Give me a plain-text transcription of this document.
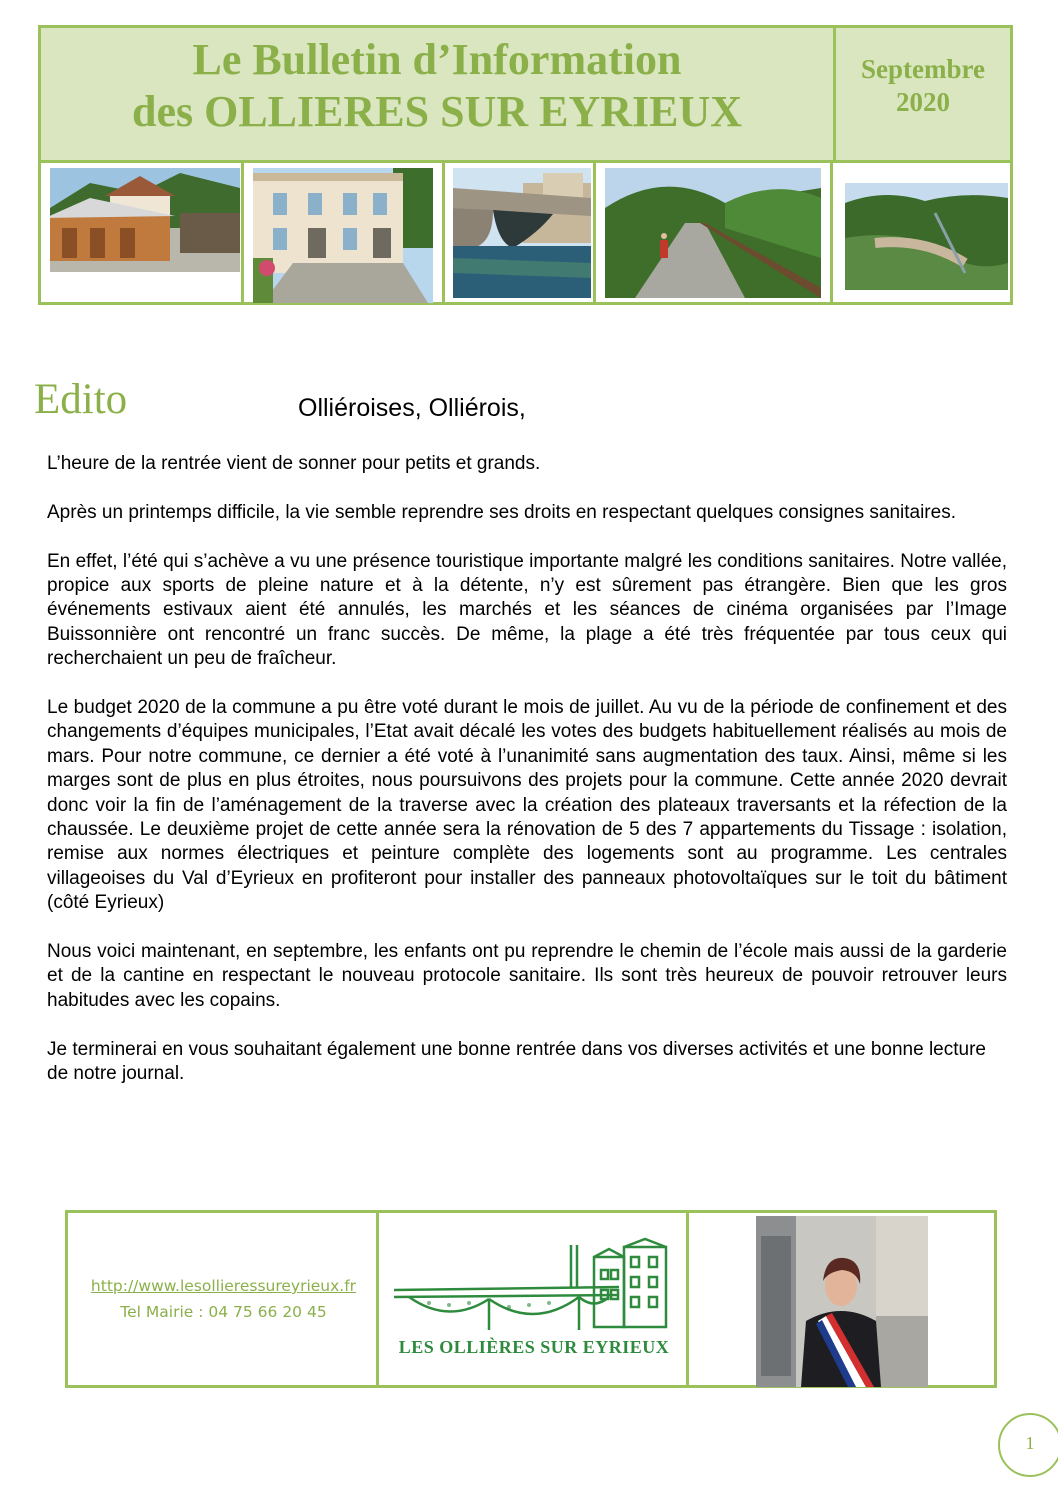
Le Bulletin d’Information
des OLLIERES SUR EYRIEUX
Septembre
2020
Edito	Olliéroises, Olliérois,

L’heure de la rentrée vient de sonner pour petits et grands.

Après un printemps difficile, la vie semble reprendre ses droits en respectant quelques consignes sanitaires.

En effet, l’été qui s’achève a vu une présence touristique importante malgré les conditions sanitaires. Notre vallée, propice aux sports de pleine nature et à la détente, n’y est sûrement pas étrangère. Bien que les gros événements estivaux aient été annulés, les marchés et les séances de cinéma organisées par l’Image Buissonnière ont rencontré un franc succès. De même, la plage a été très fréquentée par tous ceux qui recherchaient un peu de fraîcheur.

Le budget 2020 de la commune a pu être voté durant le mois de juillet. Au vu de la période de confinement et des changements d’équipes municipales, l’Etat avait décalé les votes des budgets habituellement réalisés au mois de mars. Pour notre commune, ce dernier a été voté à l’unanimité sans augmentation des taux. Ainsi, même si les marges sont de plus en plus étroites, nous poursuivons des projets pour la commune. Cette année 2020 devrait donc voir la fin de l’aménagement de la traverse avec la création des plateaux traversants et la réfection de la chaussée. Le deuxième projet de cette année sera la rénovation de 5 des 7 appartements du Tissage : isolation, remise aux normes électriques et peinture complète des logements sont au programme. Les centrales villageoises du Val d’Eyrieux en profiteront pour installer des panneaux photovoltaïques sur le toit du bâtiment (côté Eyrieux)

Nous voici maintenant, en septembre, les enfants ont pu reprendre le chemin de l’école mais aussi de la garderie et de la cantine en respectant le nouveau protocole sanitaire. Ils sont très heureux de pouvoir retrouver leurs habitudes avec les copains.

Je terminerai en vous souhaitant également une bonne rentrée dans vos diverses activités et une bonne lecture de notre journal.

http://www.lesollieressureyrieux.fr
Tel Mairie : 04 75 66 20 45
LES OLLIÈRES SUR EYRIEUX
1
